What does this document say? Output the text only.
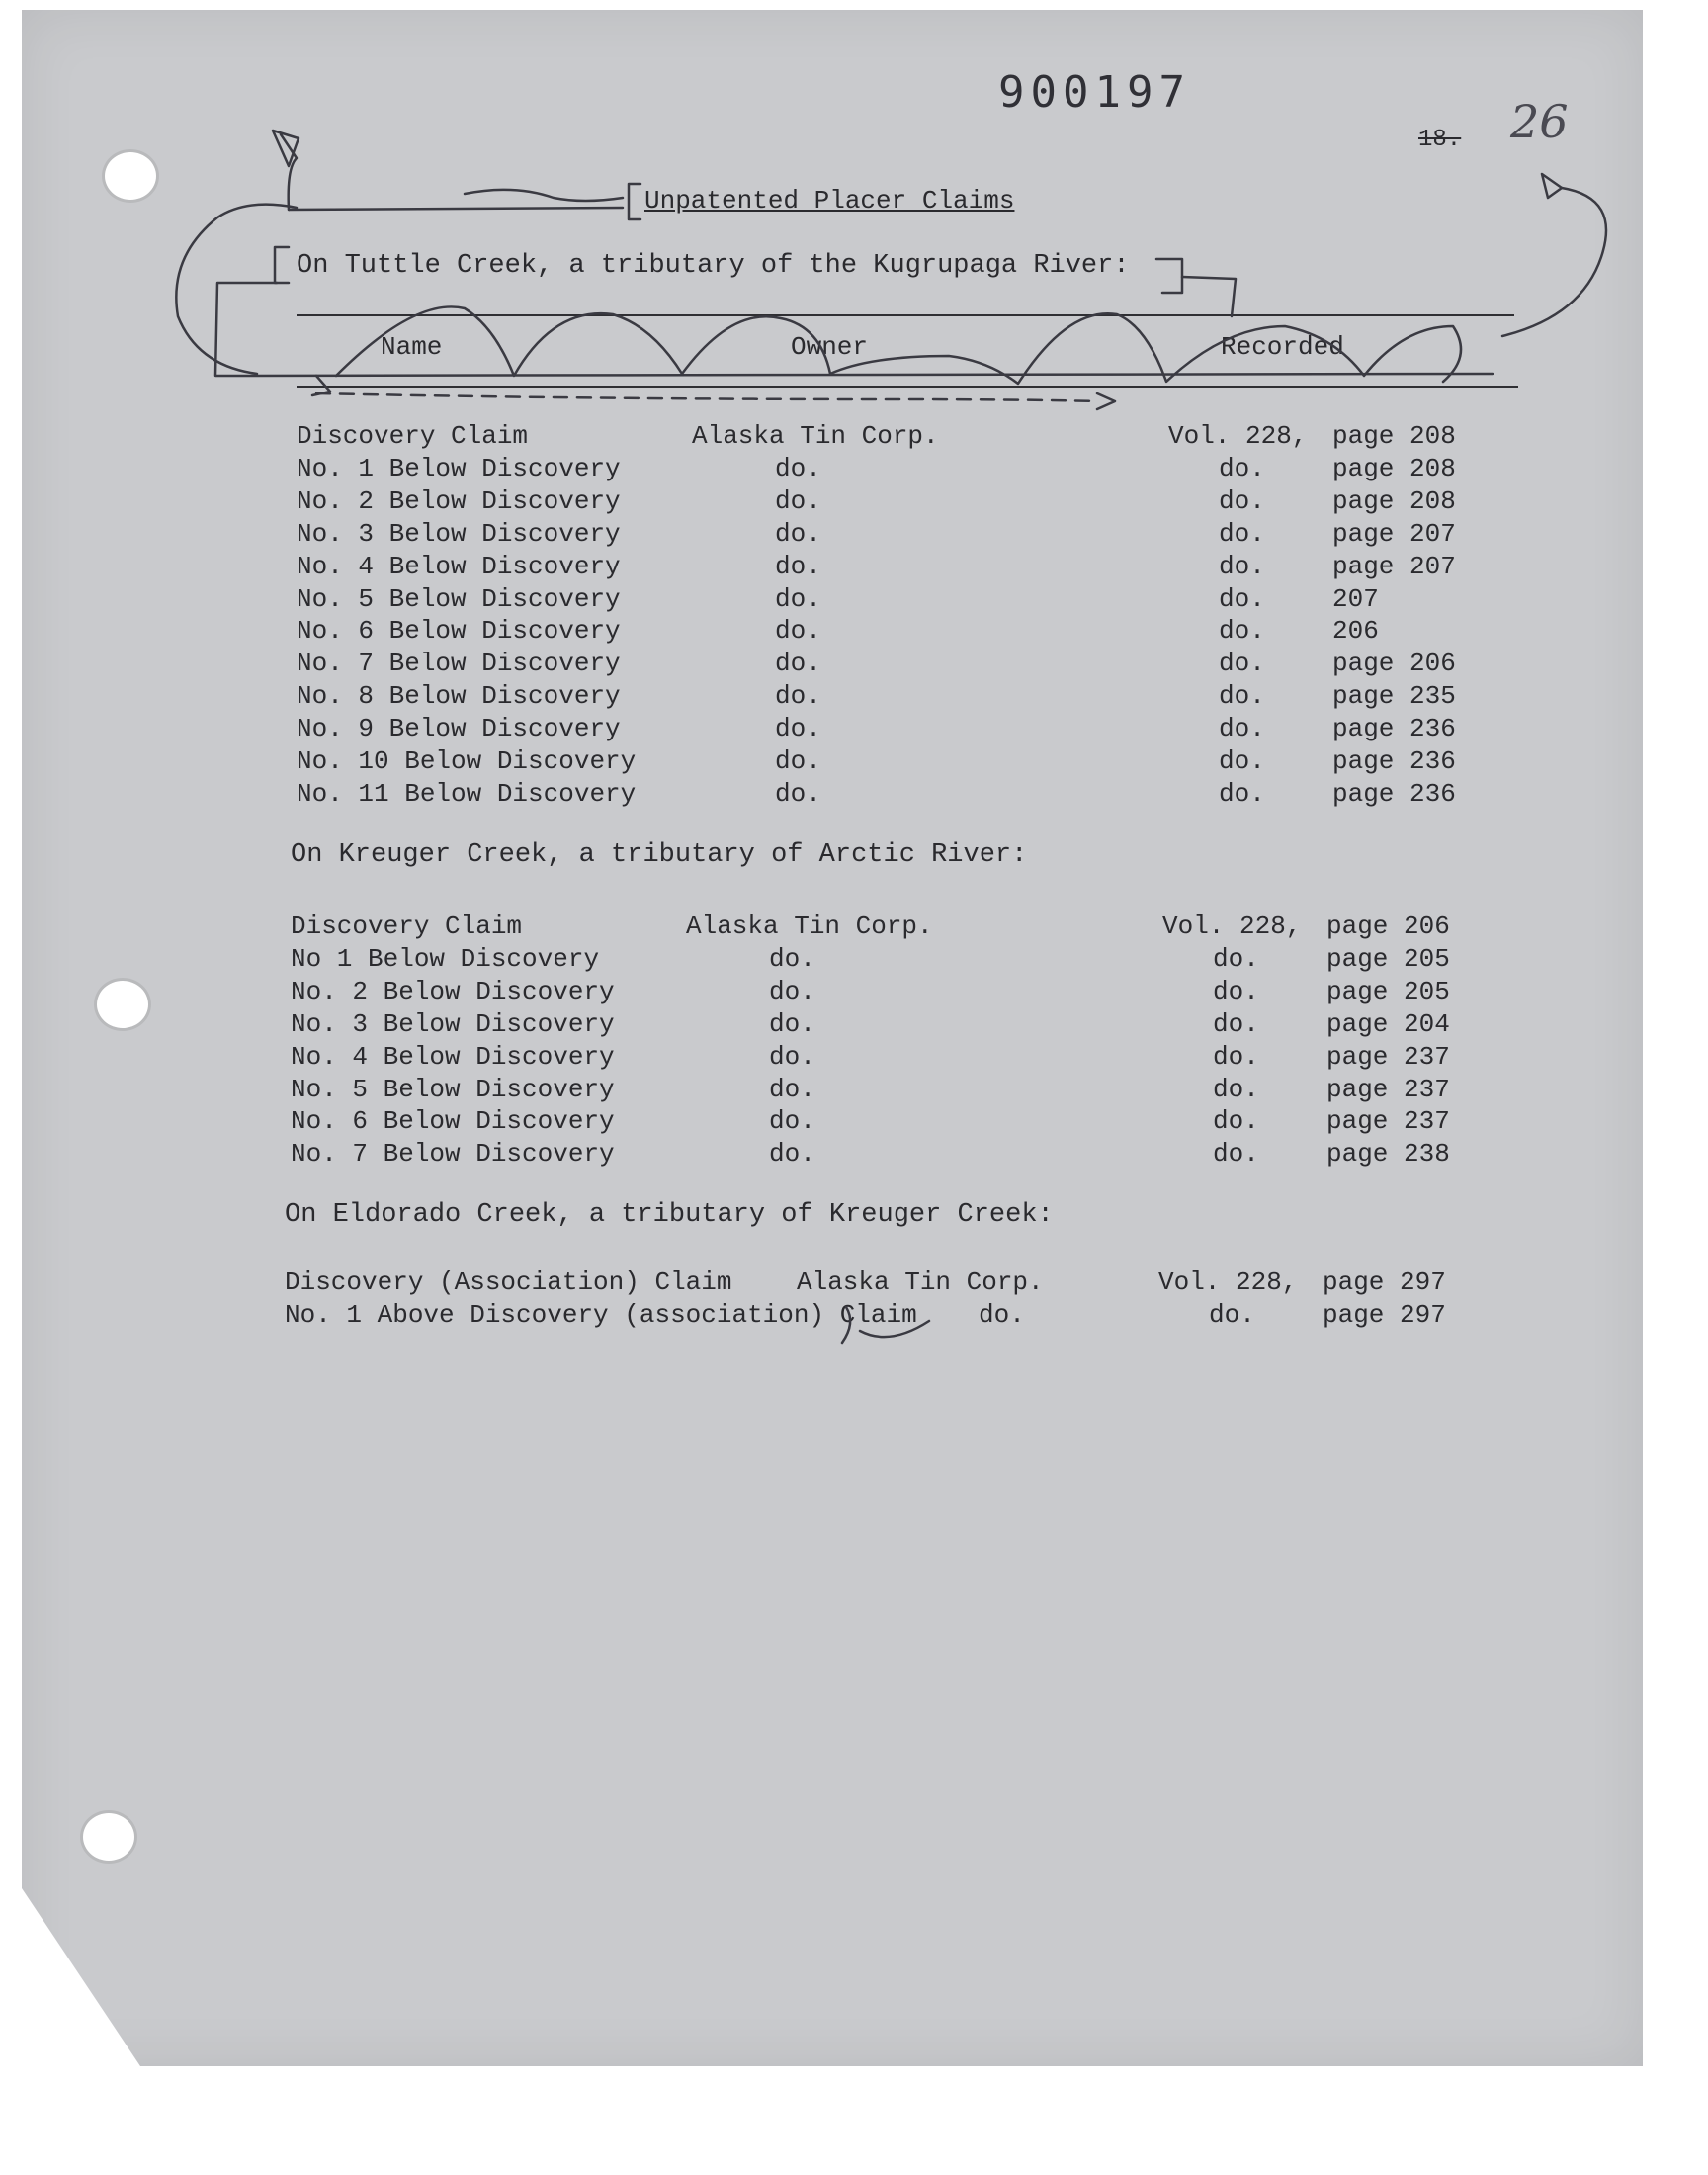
900197
18. 26
Unpatented Placer Claims
On Tuttle Creek, a tributary of the Kugrupaga River:
Name	Owner	Recorded
On Kreuger Creek, a tributary of Arctic River:
On Eldorado Creek, a tributary of Kreuger Creek:
Discovery Claim	Alaska Tin Corp.	Vol. 228, page 208
No. 1 Below Discovery	do.	do.	page 208
No. 2 Below Discovery	do.	do.	page 208
No. 3 Below Discovery	do.	do.	page 207
No. 4 Below Discovery	do.	do.	page 207
No. 5 Below Discovery	do.	do.	207
No. 6 Below Discovery	do.	do.	206
No. 7 Below Discovery	do.	do.	page 206
No. 8 Below Discovery	do.	do.	page 235
No. 9 Below Discovery	do.	do.	page 236
No. 10 Below Discovery	do.	do.	page 236
No. 11 Below Discovery	do.	do.	page 236
Discovery Claim	Alaska Tin Corp.	Vol. 228, page 206
No 1 Below Discovery	do.	do.	page 205
No. 2 Below Discovery	do.	do.	page 205
No. 3 Below Discovery	do.	do.	page 204
No. 4 Below Discovery	do.	do.	page 237
No. 5 Below Discovery	do.	do.	page 237
No. 6 Below Discovery	do.	do.	page 237
No. 7 Below Discovery	do.	do.	page 238
Discovery (Association) Claim	Alaska Tin Corp.	Vol. 228, page 297
No. 1 Above Discovery (association) Claim do.	do.	page 297
